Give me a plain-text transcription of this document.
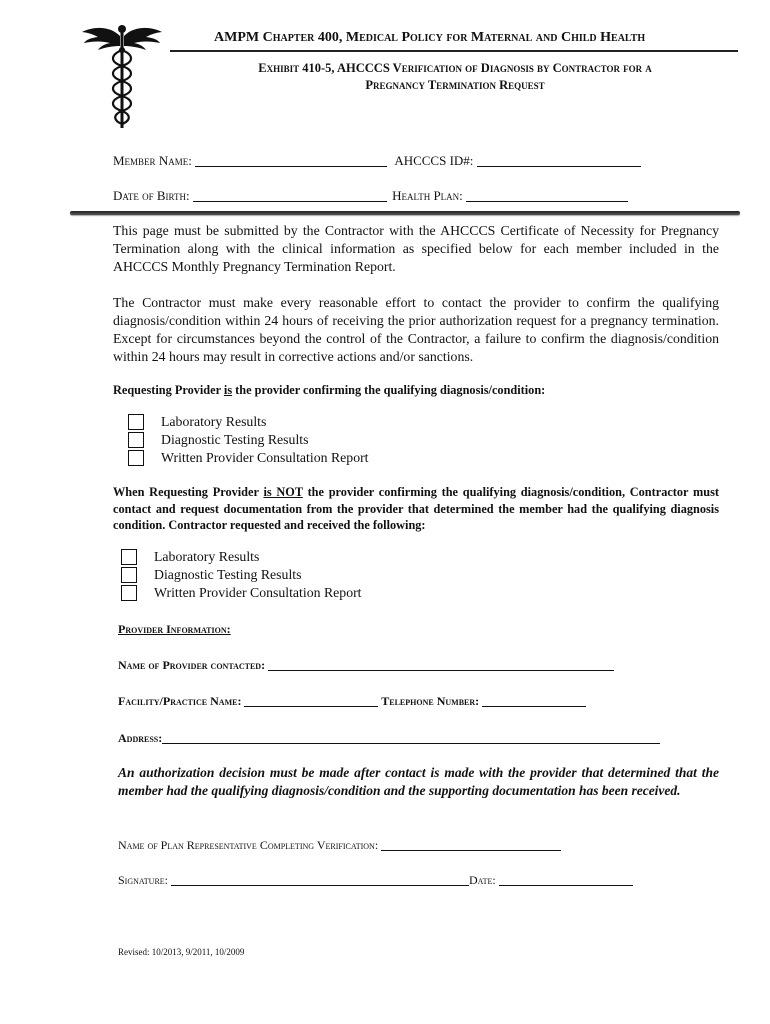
AMPM Chapter 400, Medical Policy for Maternal and Child Health
Exhibit 410-5, AHCCCS Verification of Diagnosis by Contractor for a
Pregnancy Termination Request
Member Name:	AHCCCS ID#:
Date of Birth:	Health Plan:
This page must be submitted by the Contractor with the AHCCCS Certificate of Necessity for Pregnancy Termination along with the clinical information as specified below for each member included in the AHCCCS Monthly Pregnancy Termination Report.
The Contractor must make every reasonable effort to contact the provider to confirm the qualifying diagnosis/condition within 24 hours of receiving the prior authorization request for a pregnancy termination. Except for circumstances beyond the control of the Contractor, a failure to confirm the diagnosis/condition within 24 hours may result in corrective actions and/or sanctions.
Requesting Provider is the provider confirming the qualifying diagnosis/condition:
Laboratory Results
Diagnostic Testing Results
Written Provider Consultation Report
When Requesting Provider is NOT the provider confirming the qualifying diagnosis/condition, Contractor must contact and request documentation from the provider that determined the member had the qualifying diagnosis condition. Contractor requested and received the following:
Laboratory Results
Diagnostic Testing Results
Written Provider Consultation Report
Provider Information:
Name of Provider contacted:
Facility/Practice Name:	Telephone Number:
Address:
An authorization decision must be made after contact is made with the provider that determined that the member had the qualifying diagnosis/condition and the supporting documentation has been received.
Name of Plan Representative Completing Verification:
Signature:	Date:
Revised: 10/2013, 9/2011, 10/2009
